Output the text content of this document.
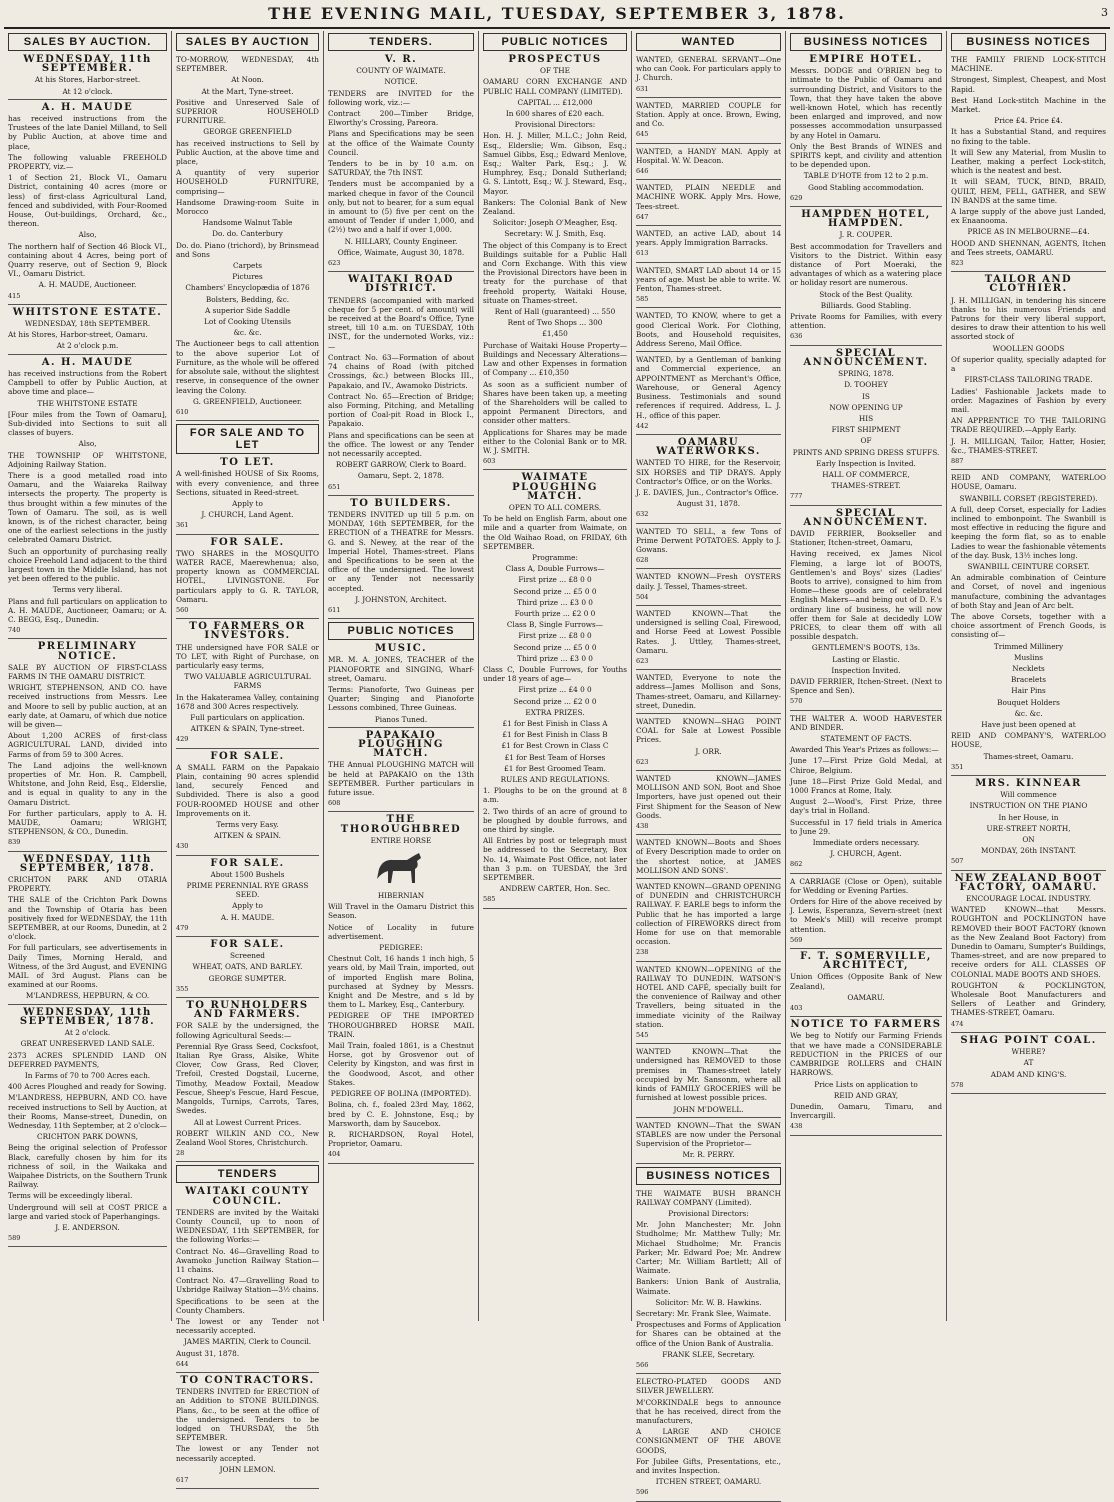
THE EVENING MAIL, TUESDAY, SEPTEMBER 3, 1878.	3
SALES BY AUCTION.

WEDNESDAY, 11th SEPTEMBER.

At his Stores, Harbor-street.

At 12 o'clock.

A. H. MAUDE

has received instructions from the Trustees of the late Daniel Milland, to Sell by Public Auction, at above time and place,

The following valuable FREEHOLD PROPERTY, viz.—

1 of Section 21, Block VI., Oamaru District, containing 40 acres (more or less) of first-class Agricultural Land, fenced and subdivided, with Four-Roomed House, Out-buildings, Orchard, &c., thereon.

Also,

The northern half of Section 46 Block VI., containing about 4 Acres, being port of Quarry reserve, out of Section 9, Block VI., Oamaru District.

A. H. MAUDE, Auctioneer.

415

WHITSTONE ESTATE.

WEDNESDAY, 18th SEPTEMBER.

At his Stores, Harbor-street, Oamaru.

At 2 o'clock p.m.

A. H. MAUDE

has received instructions from the Robert Campbell to offer by Public Auction, at above time and place—

THE WHITSTONE ESTATE

[Four miles from the Town of Oamaru], Sub-divided into Sections to suit all classes of buyers.

Also,

THE TOWNSHIP OF WHITSTONE, Adjoining Railway Station.

There is a good metalled road into Oamaru, and the Waiareka Railway intersects the property. The property is thus brought within a few minutes of the Town of Oamaru. The soil, as is well known, is of the richest character, being one of the earliest selections in the justly celebrated Oamaru District.

Such an opportunity of purchasing really choice Freehold Land adjacent to the third largest town in the Middle Island, has not yet been offered to the public.

Terms very liberal.

Plans and full particulars on application to A. H. MAUDE, Auctioneer, Oamaru; or A. C. BEGG, Esq., Dunedin.

740

PRELIMINARY NOTICE.

SALE BY AUCTION OF FIRST-CLASS FARMS IN THE OAMARU DISTRICT.

WRIGHT, STEPHENSON, AND CO. have received instructions from Messrs. Lee and Moore to sell by public auction, at an early date, at Oamaru, of which due notice will be given—

About 1,200 ACRES of first-class AGRICULTURAL LAND, divided into Farms of from 59 to 300 Acres.

The Land adjoins the well-known properties of Mr. Hon. R. Campbell, Whitstone, and John Reid, Esq., Elderslie, and is equal in quality to any in the Oamaru District.

For further particulars, apply to A. H. MAUDE, Oamaru; WRIGHT, STEPHENSON, & CO., Dunedin.

839

WEDNESDAY, 11th SEPTEMBER, 1878.

CRICHTON PARK AND OTARIA PROPERTY.

THE SALE of the Crichton Park Downs and the Township of Otaria has been positively fixed for WEDNESDAY, the 11th SEPTEMBER, at our Rooms, Dunedin, at 2 o'clock.

For full particulars, see advertisements in Daily Times, Morning Herald, and Witness, of the 3rd August, and EVENING MAIL of 3rd August. Plans can be examined at our Rooms.

M'LANDRESS, HEPBURN, & CO.

WEDNESDAY, 11th SEPTEMBER, 1878.

At 2 o'clock.

GREAT UNRESERVED LAND SALE.

2373 ACRES SPLENDID LAND ON DEFERRED PAYMENTS,

In Farms of 70 to 700 Acres each.

400 Acres Ploughed and ready for Sowing.

M'LANDRESS, HEPBURN, AND CO. have received instructions to Sell by Auction, at their Rooms, Manse-street, Dunedin, on Wednesday, 11th September, at 2 o'clock—

CRICHTON PARK DOWNS,

Being the original selection of Professor Black, carefully chosen by him for its richness of soil, in the Waikaka and Waipahee Districts, on the Southern Trunk Railway.

Terms will be exceedingly liberal.

Underground will sell at COST PRICE a large and varied stock of Paperhangings.

J. E. ANDERSON.

589

SALES BY AUCTION

TO-MORROW, WEDNESDAY, 4th SEPTEMBER.

At Noon.

At the Mart, Tyne-street.

Positive and Unreserved Sale of SUPERIOR HOUSEHOLD FURNITURE.

GEORGE GREENFIELD

has received instructions to Sell by Public Auction, at the above time and place,

A quantity of very superior HOUSEHOLD FURNITURE, comprising—

Handsome Drawing-room Suite in Morocco

Handsome Walnut Table

Do. do. Canterbury

Do. do. Piano (trichord), by Brinsmead and Sons

Carpets

Pictures

Chambers' Encyclopædia of 1876

Bolsters, Bedding, &c.

A superior Side Saddle

Lot of Cooking Utensils

&c. &c.

The Auctioneer begs to call attention to the above superior Lot of Furniture, as the whole will be offered for absolute sale, without the slightest reserve, in consequence of the owner leaving the Colony.

G. GREENFIELD, Auctioneer.

610

FOR SALE AND TO LET

TO LET.

A well-finished HOUSE of Six Rooms, with every convenience, and three Sections, situated in Reed-street.

Apply to

J. CHURCH, Land Agent.

361

FOR SALE.

TWO SHARES in the MOSQUITO WATER RACE, Maerewhenua; also, property known as COMMERCIAL HOTEL, LIVINGSTONE. For particulars apply to G. R. TAYLOR, Oamaru.

560

TO FARMERS OR INVESTORS.

THE undersigned have FOR SALE or TO LET, with Right of Purchase, on particularly easy terms,

TWO VALUABLE AGRICULTURAL FARMS

In the Hakateramea Valley, containing 1678 and 300 Acres respectively.

Full particulars on application.

AITKEN & SPAIN, Tyne-street.

429

FOR SALE.

A SMALL FARM on the Papakaio Plain, containing 90 acres splendid land, securely Fenced and Subdivided. There is also a good FOUR-ROOMED HOUSE and other Improvements on it.

Terms very Easy.

AITKEN & SPAIN.

430

FOR SALE.

About 1500 Bushels

PRIME PERENNIAL RYE GRASS SEED.

Apply to

A. H. MAUDE.

479

FOR SALE.

Screened

WHEAT, OATS, AND BARLEY.

GEORGE SUMPTER.

355

TO RUNHOLDERS AND FARMERS.

FOR SALE by the undersigned, the following Agricultural Seeds:—

Perennial Rye Grass Seed, Cocksfoot, Italian Rye Grass, Alsike, White Clover, Cow Grass, Red Clover, Trefoil, Crested Dogstail, Lucerne, Timothy, Meadow Foxtail, Meadow Fescue, Sheep's Fescue, Hard Fescue, Mangolds, Turnips, Carrots, Tares, Swedes.

All at Lowest Current Prices.

ROBERT WILKIN AND CO., New Zealand Wool Stores, Christchurch.

28

TENDERS

WAITAKI COUNTY COUNCIL.

TENDERS are invited by the Waitaki County Council, up to noon of WEDNESDAY, 11th SEPTEMBER, for the following Works:—

Contract No. 46—Gravelling Road to Awamoko Junction Railway Station—11 chains.

Contract No. 47—Gravelling Road to Uxbridge Railway Station—3½ chains.

Specifications to be seen at the County Chambers.

The lowest or any Tender not necessarily accepted.

JAMES MARTIN, Clerk to Council.

August 31, 1878.

644

TO CONTRACTORS.

TENDERS INVITED for ERECTION of an Addition to STONE BUILDINGS. Plans, &c., to be seen at the office of the undersigned. Tenders to be lodged on THURSDAY, the 5th SEPTEMBER.

The lowest or any Tender not necessarily accepted.

JOHN LEMON.

617

TENDERS.

V. R.

COUNTY OF WAIMATE.

NOTICE.

TENDERS are INVITED for the following work, viz.:—

Contract 200—Timber Bridge, Elworthy's Crossing, Pareora.

Plans and Specifications may be seen at the office of the Waimate County Council.

Tenders to be in by 10 a.m. on SATURDAY, the 7th INST.

Tenders must be accompanied by a marked cheque in favor of the Council only, but not to bearer, for a sum equal in amount to (5) five per cent on the amount of Tender if under 1,000, and (2½) two and a half if over 1,000.

N. HILLARY, County Engineer.

Office, Waimate, August 30, 1878.

623

WAITAKI ROAD DISTRICT.

TENDERS (accompanied with marked cheque for 5 per cent. of amount) will be received at the Board's Office, Tyne street, till 10 a.m. on TUESDAY, 10th INST., for the undernoted Works, viz.:—

Contract No. 63—Formation of about 74 chains of Road (with pitched Crossings, &c.) between Blocks III., Papakaio, and IV., Awamoko Districts.

Contract No. 65—Erection of Bridge; also Forming, Pitching, and Metalling portion of Coal-pit Road in Block I., Papakaio.

Plans and specifications can be seen at the office. The lowest or any Tender not necessarily accepted.

ROBERT GARROW, Clerk to Board.

Oamaru, Sept. 2, 1878.

651

TO BUILDERS.

TENDERS INVITED up till 5 p.m. on MONDAY, 16th SEPTEMBER, for the ERECTION of a THEATRE for Messrs. G. and S. Newey, at the rear of the Imperial Hotel, Thames-street. Plans and Specifications to be seen at the office of the undersigned. The lowest or any Tender not necessarily accepted.

J. JOHNSTON, Architect.

611

PUBLIC NOTICES

MUSIC.

MR. M. A. JONES, TEACHER of the PIANOFORTE and SINGING, Wharf-street, Oamaru.

Terms: Pianoforte, Two Guineas per Quarter; Singing and Pianoforte Lessons combined, Three Guineas.

Pianos Tuned.

PAPAKAIO PLOUGHING MATCH.

THE Annual PLOUGHING MATCH will be held at PAPAKAIO on the 13th SEPTEMBER. Further particulars in future issue.

608

THE THOROUGHBRED

ENTIRE HORSE

HIBERNIAN

Will Travel in the Oamaru District this Season.

Notice of Locality in future advertisement.

PEDIGREE:

Chestnut Colt, 16 hands 1 inch high, 5 years old, by Mail Train, imported, out of imported English mare Bolina, purchased at Sydney by Messrs. Knight and De Mestre, and s ld by them to L. Markey, Esq., Canterbury.

PEDIGREE OF THE IMPORTED THOROUGHBRED HORSE MAIL TRAIN.

Mail Train, foaled 1861, is a Chestnut Horse, got by Grosvenor out of Celerity by Kingston, and was first in the Goodwood, Ascot, and other Stakes.

PEDIGREE OF BOLINA (IMPORTED).

Bolina, ch. f., foaled 23rd May, 1862, bred by C. E. Johnstone, Esq.; by Marsworth, dam by Saucebox.

R. RICHARDSON, Royal Hotel, Proprietor, Oamaru.

404

PUBLIC NOTICES

PROSPECTUS

OF THE

OAMARU CORN EXCHANGE AND PUBLIC HALL COMPANY (LIMITED).

CAPITAL ... £12,000

In 600 shares of £20 each.

Provisional Directors:

Hon. H. J. Miller, M.L.C.; John Reid, Esq., Elderslie; Wm. Gibson, Esq.; Samuel Gibbs, Esq.; Edward Menlove, Esq.; Walter Park, Esq.; J. W. Humphrey, Esq.; Donald Sutherland; G. S. Lintott, Esq.; W. J. Steward, Esq., Mayor.

Bankers: The Colonial Bank of New Zealand.

Solicitor: Joseph O'Meagher, Esq.

Secretary: W. J. Smith, Esq.

The object of this Company is to Erect Buildings suitable for a Public Hall and Corn Exchange. With this view the Provisional Directors have been in treaty for the purchase of that freehold property, Waitaki House, situate on Thames-street.

Rent of Hall (guaranteed) ... 550

Rent of Two Shops ... 300

£1,450

Purchase of Waitaki House Property—Buildings and Necessary Alterations—Law and other Expenses in formation of Company ... £10,350

As soon as a sufficient number of Shares have been taken up, a meeting of the Shareholders will be called to appoint Permanent Directors, and consider other matters.

Applications for Shares may be made either to the Colonial Bank or to MR. W. J. SMITH.

603

WAIMATE PLOUGHING MATCH.

OPEN TO ALL COMERS.

To be held on English Farm, about one mile and a quarter from Waimate, on the Old Waihao Road, on FRIDAY, 6th SEPTEMBER.

Programme:

Class A, Double Furrows—

First prize ... £8 0 0

Second prize ... £5 0 0

Third prize ... £3 0 0

Fourth prize ... £2 0 0

Class B, Single Furrows—

First prize ... £8 0 0

Second prize ... £5 0 0

Third prize ... £3 0 0

Class C, Double Furrows, for Youths under 18 years of age—

First prize ... £4 0 0

Second prize ... £2 0 0

EXTRA PRIZES.

£1 for Best Finish in Class A

£1 for Best Finish in Class B

£1 for Best Crown in Class C

£1 for Best Team of Horses

£1 for Best Groomed Team.

RULES AND REGULATIONS.

1. Ploughs to be on the ground at 8 a.m.

2. Two thirds of an acre of ground to be ploughed by double furrows, and one third by single.

All Entries by post or telegraph must be addressed to the Secretary, Box No. 14, Waimate Post Office, not later than 3 p.m. on TUESDAY, the 3rd SEPTEMBER.

ANDREW CARTER, Hon. Sec.

585

WANTED

WANTED, GENERAL SERVANT—One who can Cook. For particulars apply to J. Church.

631

WANTED, MARRIED COUPLE for Station. Apply at once. Brown, Ewing, and Co.

645

WANTED, a HANDY MAN. Apply at Hospital. W. W. Deacon.

646

WANTED, PLAIN NEEDLE and MACHINE WORK. Apply Mrs. Howe, Tees-street.

647

WANTED, an active LAD, about 14 years. Apply Immigration Barracks.

613

WANTED, SMART LAD about 14 or 15 years of age. Must be able to write. W. Fenton, Thames-street.

585

WANTED, TO KNOW, where to get a good Clerical Work. For Clothing, Boots, and Household requisites, Address Sereno, Mail Office.

WANTED, by a Gentleman of banking and Commercial experience, an APPOINTMENT as Merchant's Office, Warehouse, or General Agency Business. Testimonials and sound references if required. Address, L. J. H., office of this paper.

442

OAMARU WATERWORKS.

WANTED TO HIRE, for the Reservoir, SIX HORSES and TIP DRAYS. Apply Contractor's Office, or on the Works.

J. E. DAVIES, Jun., Contractor's Office.

August 31, 1878.

632

WANTED TO SELL, a few Tons of Prime Derwent POTATOES. Apply to J. Gowans.

628

WANTED KNOWN—Fresh OYSTERS daily. J. Tessel, Thames-street.

504

WANTED KNOWN—That the undersigned is selling Coal, Firewood, and Horse Feed at Lowest Possible Rates. J. Uttley, Thames-street, Oamaru.

623

WANTED, Everyone to note the address—James Mollison and Sons, Thames-street, Oamaru, and Killarney-street, Dunedin.

WANTED KNOWN—SHAG POINT COAL for Sale at Lowest Possible Prices.

J. ORR.

623

WANTED KNOWN—JAMES MOLLISON AND SON, Boot and Shoe Importers, have just opened out their First Shipment for the Season of New Goods.

438

WANTED KNOWN—Boots and Shoes of Every Description made to order on the shortest notice, at JAMES MOLLISON AND SONS'.

WANTED KNOWN—GRAND OPENING of DUNEDIN and CHRISTCHURCH RAILWAY. F. EARLE begs to inform the Public that he has imported a large collection of FIREWORKS direct from Home for use on that memorable occasion.

238

WANTED KNOWN—OPENING of the RAILWAY TO DUNEDIN. WATSON'S HOTEL AND CAFÉ, specially built for the convenience of Railway and other Travellers, being situated in the immediate vicinity of the Railway station.

545

WANTED KNOWN—That the undersigned has REMOVED to those premises in Thames-street lately occupied by Mr. Sansonm, where all kinds of FAMILY GROCERIES will be furnished at lowest possible prices.

JOHN M'DOWELL.

WANTED KNOWN—That the SWAN STABLES are now under the Personal Supervision of the Proprietor—

Mr. R. PERRY.

BUSINESS NOTICES

THE WAIMATE BUSH BRANCH RAILWAY COMPANY (Limited).

Provisional Directors:

Mr. John Manchester; Mr. John Studholme; Mr. Matthew Tully; Mr. Michael Studholme; Mr. Francis Parker; Mr. Edward Poe; Mr. Andrew Carter; Mr. William Bartlett; All of Waimate.

Bankers: Union Bank of Australia, Waimate.

Solicitor: Mr. W. B. Hawkins.

Secretary: Mr. Frank Slee, Waimate.

Prospectuses and Forms of Application for Shares can be obtained at the office of the Union Bank of Australia.

FRANK SLEE, Secretary.

566

ELECTRO-PLATED GOODS AND SILVER JEWELLERY.

M'CORKINDALE begs to announce that he has received, direct from the manufacturers,

A LARGE AND CHOICE CONSIGNMENT OF THE ABOVE GOODS,

For Jubilee Gifts, Presentations, etc., and invites Inspection.

ITCHEN STREET, OAMARU.

596

BUSINESS NOTICES

EMPIRE HOTEL.

Messrs. DODGE and O'BRIEN beg to intimate to the Public of Oamaru and surrounding District, and Visitors to the Town, that they have taken the above well-known Hotel, which has recently been enlarged and improved, and now possesses accommodation unsurpassed by any Hotel in Oamaru.

Only the Best Brands of WINES and SPIRITS kept, and civility and attention to be depended upon.

TABLE D'HOTE from 12 to 2 p.m.

Good Stabling accommodation.

629

HAMPDEN HOTEL, HAMPDEN.

J. R. COUPER.

Best accommodation for Travellers and Visitors to the District. Within easy distance of Port Moeraki, the advantages of which as a watering place or holiday resort are numerous.

Stock of the Best Quality.

Billiards. Good Stabling.

Private Rooms for Families, with every attention.

636

SPECIAL ANNOUNCEMENT.

SPRING, 1878.

D. TOOHEY

IS

NOW OPENING UP

HIS

FIRST SHIPMENT

OF

PRINTS AND SPRING DRESS STUFFS.

Early Inspection is Invited.

HALL OF COMMERCE,

THAMES-STREET.

777

SPECIAL ANNOUNCEMENT.

DAVID FERRIER, Bookseller and Stationer, Itchen-street, Oamaru,

Having received, ex James Nicol Fleming, a large lot of BOOTS, Gentlemen's and Boys' sizes (Ladies' Boots to arrive), consigned to him from Home—these goods are of celebrated English Makers—and being out of D. F.'s ordinary line of business, he will now offer them for Sale at decidedly LOW PRICES, to clear them off with all possible despatch.

GENTLEMEN'S BOOTS, 13s.

Lasting or Elastic.

Inspection Invited.

DAVID FERRIER, Itchen-Street. (Next to Spence and Sen).

570

THE WALTER A. WOOD HARVESTER AND BINDER.

STATEMENT OF FACTS.

Awarded This Year's Prizes as follows:—

June 17—First Prize Gold Medal, at Chiroe, Belgium.

June 18—First Prize Gold Medal, and 1000 Francs at Rome, Italy.

August 2—Wood's, First Prize, three day's trial in Holland.

Successful in 17 field trials in America to June 29.

Immediate orders necessary.

J. CHURCH, Agent.

862

A CARRIAGE (Close or Open), suitable for Wedding or Evening Parties.

Orders for Hire of the above received by J. Lewis, Esperanza, Severn-street (next to Meek's Mill) will receive prompt attention.

569

F. T. SOMERVILLE, ARCHITECT,

Union Offices (Opposite Bank of New Zealand),

OAMARU.

403

NOTICE TO FARMERS

We beg to Notify our Farming Friends that we have made a CONSIDERABLE REDUCTION in the PRICES of our CAMBRIDGE ROLLERS and CHAIN HARROWS.

Price Lists on application to

REID AND GRAY,

Dunedin, Oamaru, Timaru, and Invercargill.

438

BUSINESS NOTICES

THE FAMILY FRIEND LOCK-STITCH MACHINE.

Strongest, Simplest, Cheapest, and Most Rapid.

Best Hand Lock-stitch Machine in the Market.

Price £4. Price £4.

It has a Substantial Stand, and requires no fixing to the table.

It will Sew any Material, from Muslin to Leather, making a perfect Lock-stitch, which is the neatest and best.

It will SEAM, TUCK, BIND, BRAID, QUILT, HEM, FELL, GATHER, and SEW IN BANDS at the same time.

A large supply of the above just Landed, ex Enaanooma.

PRICE AS IN MELBOURNE—£4.

HOOD AND SHENNAN, AGENTS, Itchen and Tees streets, OAMARU.

823

TAILOR AND CLOTHIER.

J. H. MILLIGAN, in tendering his sincere thanks to his numerous Friends and Patrons for their very liberal support, desires to draw their attention to his well assorted stock of

WOOLLEN GOODS

Of superior quality, specially adapted for a

FIRST-CLASS TAILORING TRADE.

Ladies' Fashionable Jackets made to order. Magazines of Fashion by every mail.

AN APPRENTICE TO THE TAILORING TRADE REQUIRED.—Apply Early.

J. H. MILLIGAN, Tailor, Hatter, Hosier, &c., THAMES-STREET.

887

REID AND COMPANY, WATERLOO HOUSE, Oamaru.

SWANBILL CORSET (REGISTERED).

A full, deep Corset, especially for Ladies inclined to embonpoint. The Swanbill is most effective in reducing the figure and keeping the form flat, so as to enable Ladies to wear the fashionable vêtements of the day. Busk, 13½ inches long.

SWANBILL CEINTURE CORSET.

An admirable combination of Ceinture and Corset, of novel and ingenious manufacture, combining the advantages of both Stay and Jean of Arc belt.

The above Corsets, together with a choice assortment of French Goods, is consisting of—

Trimmed Millinery

Muslins

Necklets

Bracelets

Hair Pins

Bouquet Holders

&c. &c.

Have just been opened at

REID AND COMPANY'S, WATERLOO HOUSE,

Thames-street, Oamaru.

351

MRS. KINNEAR

Will commence

INSTRUCTION ON THE PIANO

In her House, in

URE-STREET NORTH,

ON

MONDAY, 26th INSTANT.

507

NEW ZEALAND BOOT FACTORY, OAMARU.

ENCOURAGE LOCAL INDUSTRY.

WANTED KNOWN—that Messrs. ROUGHTON and POCKLINGTON have REMOVED their BOOT FACTORY (known as the New Zealand Boot Factory) from Dunedin to Oamaru, Sumpter's Buildings, Thames-street, and are now prepared to receive orders for ALL CLASSES OF COLONIAL MADE BOOTS AND SHOES.

ROUGHTON & POCKLINGTON, Wholesale Boot Manufacturers and Sellers of Leather and Grindery, THAMES-STREET, Oamaru.

474

SHAG POINT COAL.

WHERE?

AT

ADAM AND KING'S.

578
